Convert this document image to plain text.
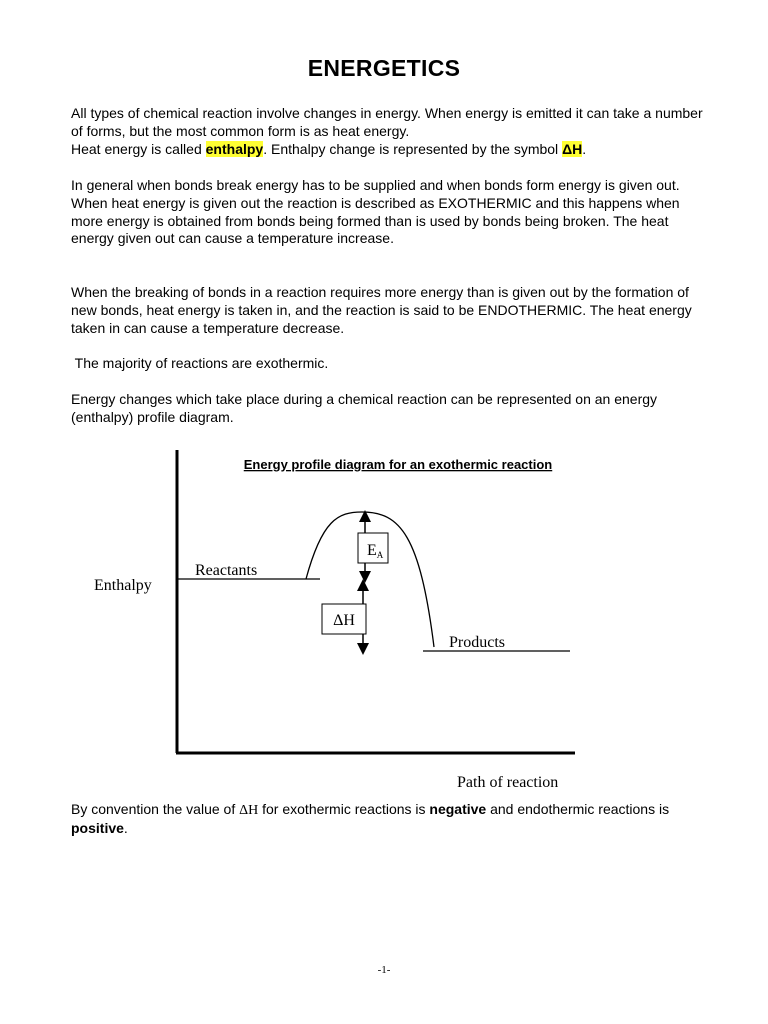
ENERGETICS
All types of chemical reaction involve changes in energy. When energy is emitted it can take a number of forms, but the most common form is as heat energy.
Heat energy is called enthalpy. Enthalpy change is represented by the symbol ΔH.
In general when bonds break energy has to be supplied and when bonds form energy is given out.
When heat energy is given out the reaction is described as EXOTHERMIC and this happens when more energy is obtained from bonds being formed than is used by bonds being broken. The heat energy given out can cause a temperature increase.
When the breaking of bonds in a reaction requires more energy than is given out by the formation of new bonds, heat energy is taken in, and the reaction is said to be ENDOTHERMIC. The heat energy taken in can cause a temperature decrease.
The majority of reactions are exothermic.
Energy changes which take place during a chemical reaction can be represented on an energy (enthalpy) profile diagram.
Energy profile diagram for an exothermic reaction
Enthalpy
Path of reaction
Reactants
Products
EA
ΔH
By convention the value of ΔH for exothermic reactions is negative and endothermic reactions is positive.
-1-
